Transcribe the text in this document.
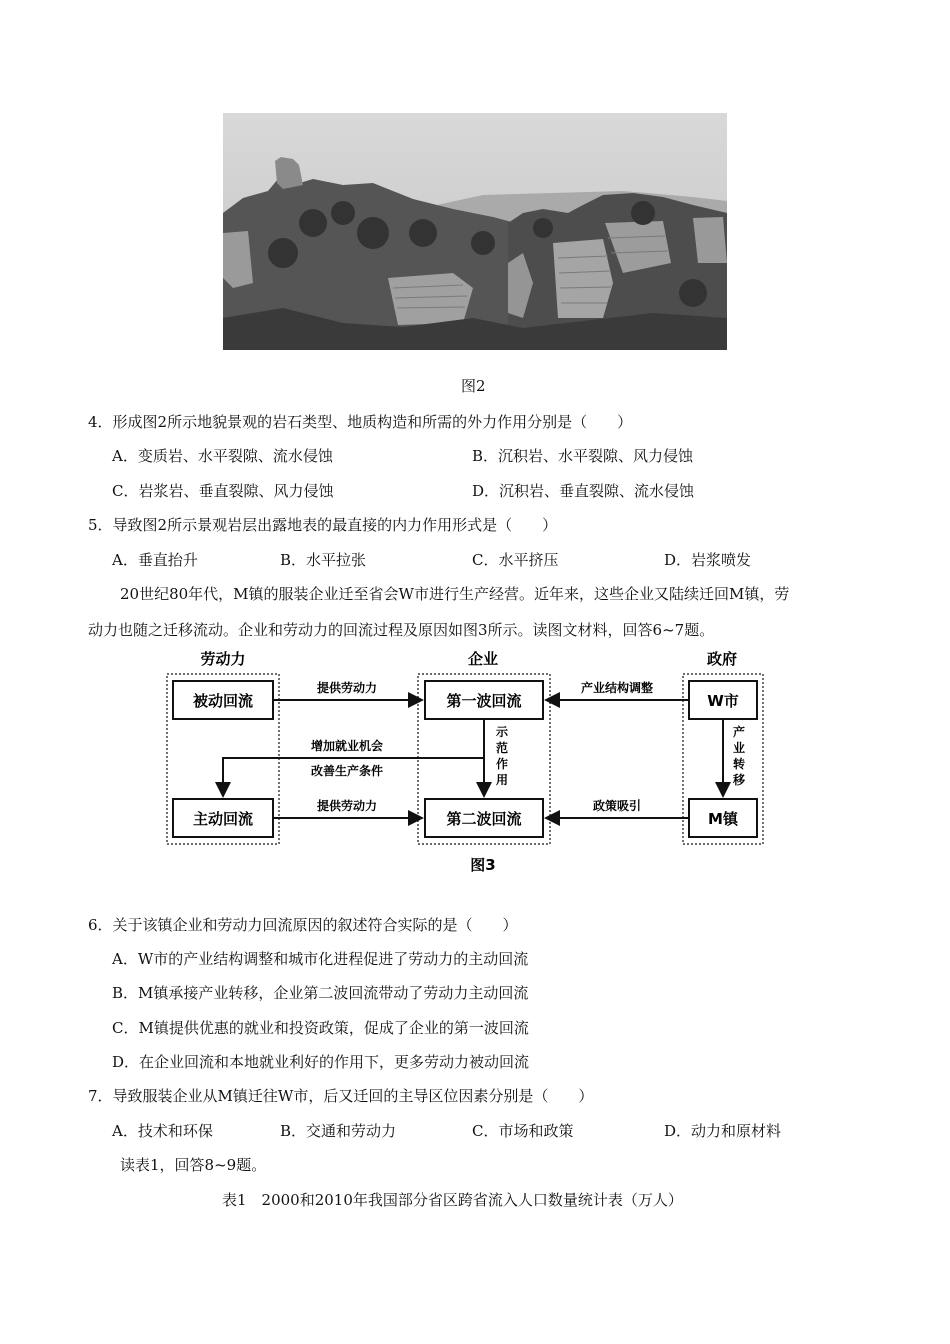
图2
4．形成图2所示地貌景观的岩石类型、地质构造和所需的外力作用分别是（　　）
A．变质岩、水平裂隙、流水侵蚀	B．沉积岩、水平裂隙、风力侵蚀
C．岩浆岩、垂直裂隙、风力侵蚀	D．沉积岩、垂直裂隙、流水侵蚀
5．导致图2所示景观岩层出露地表的最直接的内力作用形式是（　　）
A．垂直抬升	B．水平拉张	C．水平挤压	D．岩浆喷发
20世纪80年代，M镇的服装企业迁至省会W市进行生产经营。近年来，这些企业又陆续迁回M镇，劳
动力也随之迁移流动。企业和劳动力的回流过程及原因如图3所示。读图文材料，回答6~7题。
劳动力	企业	政府
被动回流
主动回流
第一波回流
第二波回流
W市
M镇
提供劳动力
提供劳动力
产业结构调整
政策吸引
产
业
转
移
示
范
作
用
增加就业机会
改善生产条件
图3
6．关于该镇企业和劳动力回流原因的叙述符合实际的是（　　）
A．W市的产业结构调整和城市化进程促进了劳动力的主动回流
B．M镇承接产业转移，企业第二波回流带动了劳动力主动回流
C．M镇提供优惠的就业和投资政策，促成了企业的第一波回流
D．在企业回流和本地就业利好的作用下，更多劳动力被动回流
7．导致服装企业从M镇迁往W市，后又迁回的主导区位因素分别是（　　）
A．技术和环保	B．交通和劳动力	C．市场和政策	D．动力和原材料
读表1，回答8~9题。
表1　2000和2010年我国部分省区跨省流入人口数量统计表（万人）
